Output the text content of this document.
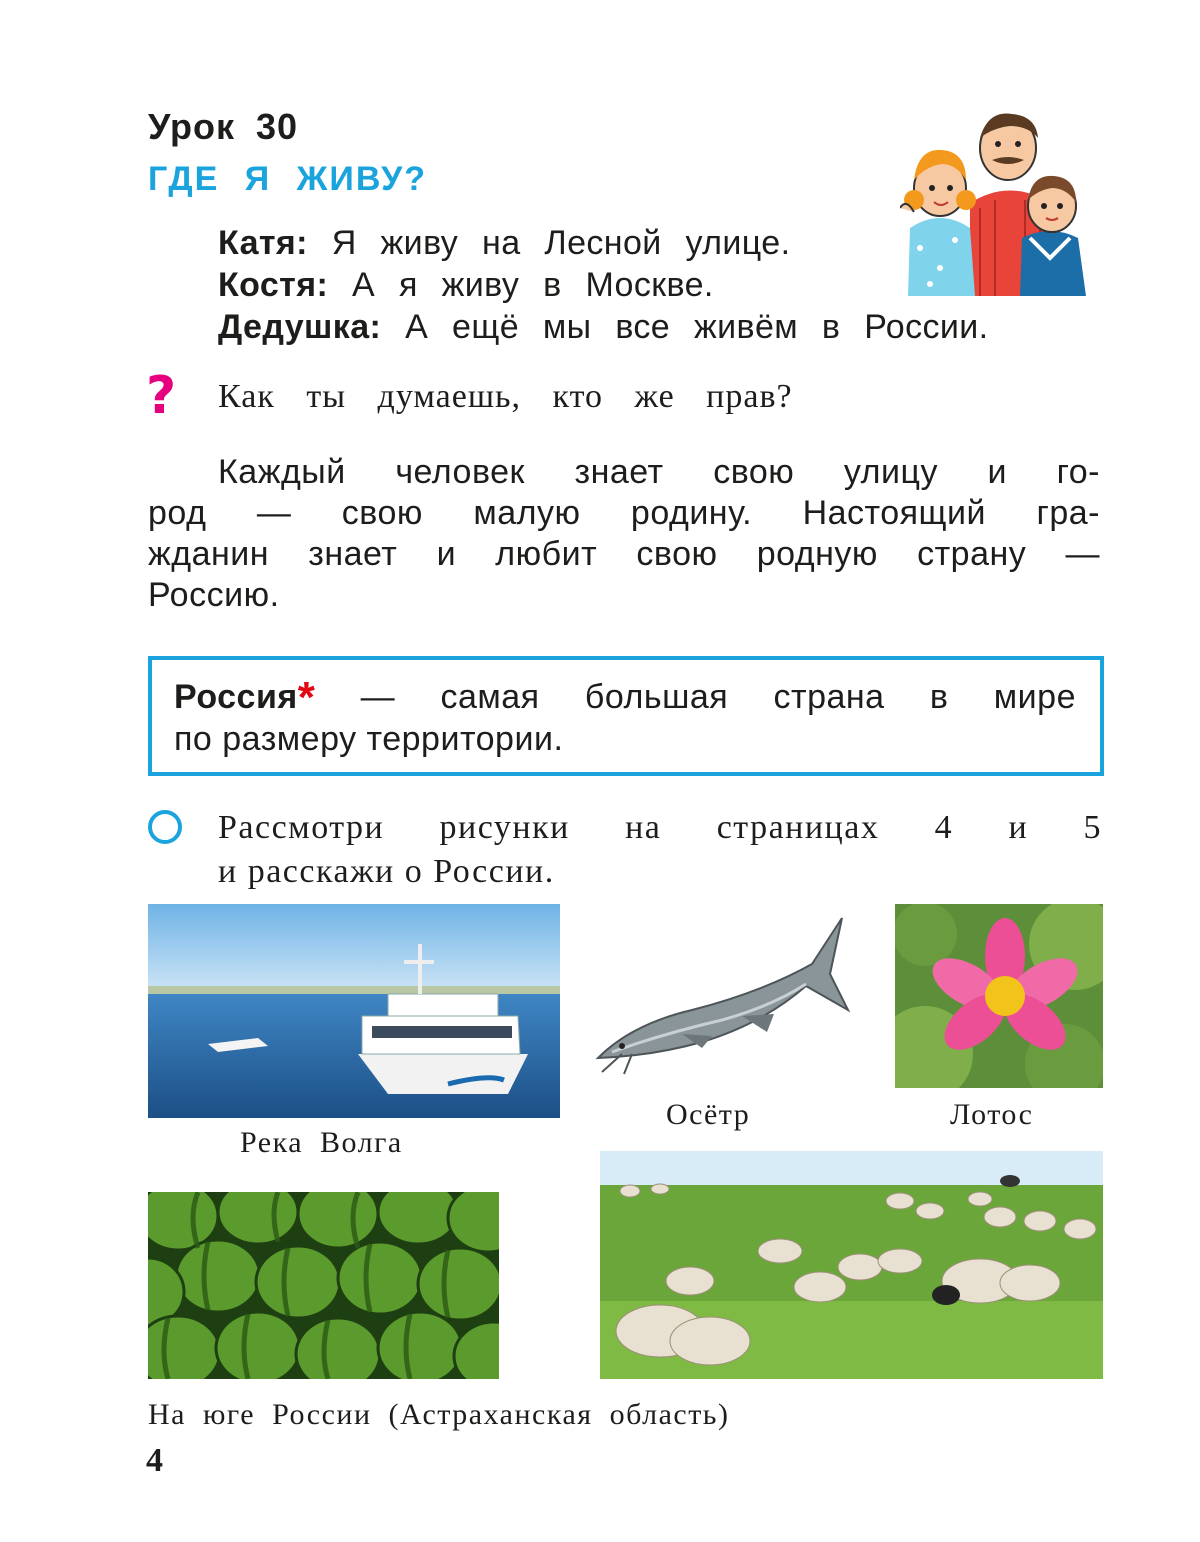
Урок 30
ГДЕ Я ЖИВУ?
Катя: Я живу на Лесной улице.
Костя: А я живу в Москве.
Дедушка: А ещё мы все живём в России.
? Как ты думаешь, кто же прав?
Каждый человек знает свою улицу и го-
род — свою малую родину. Настоящий гра-
жданин знает и любит свою родную страну —
Россию.
Россия* — самая большая страна в мире
по размеру территории.
Рассмотри рисунки на страницах 4 и 5
и расскажи о России.
Река Волга
Осётр	Лотос
На юге России (Астраханская область)
4
